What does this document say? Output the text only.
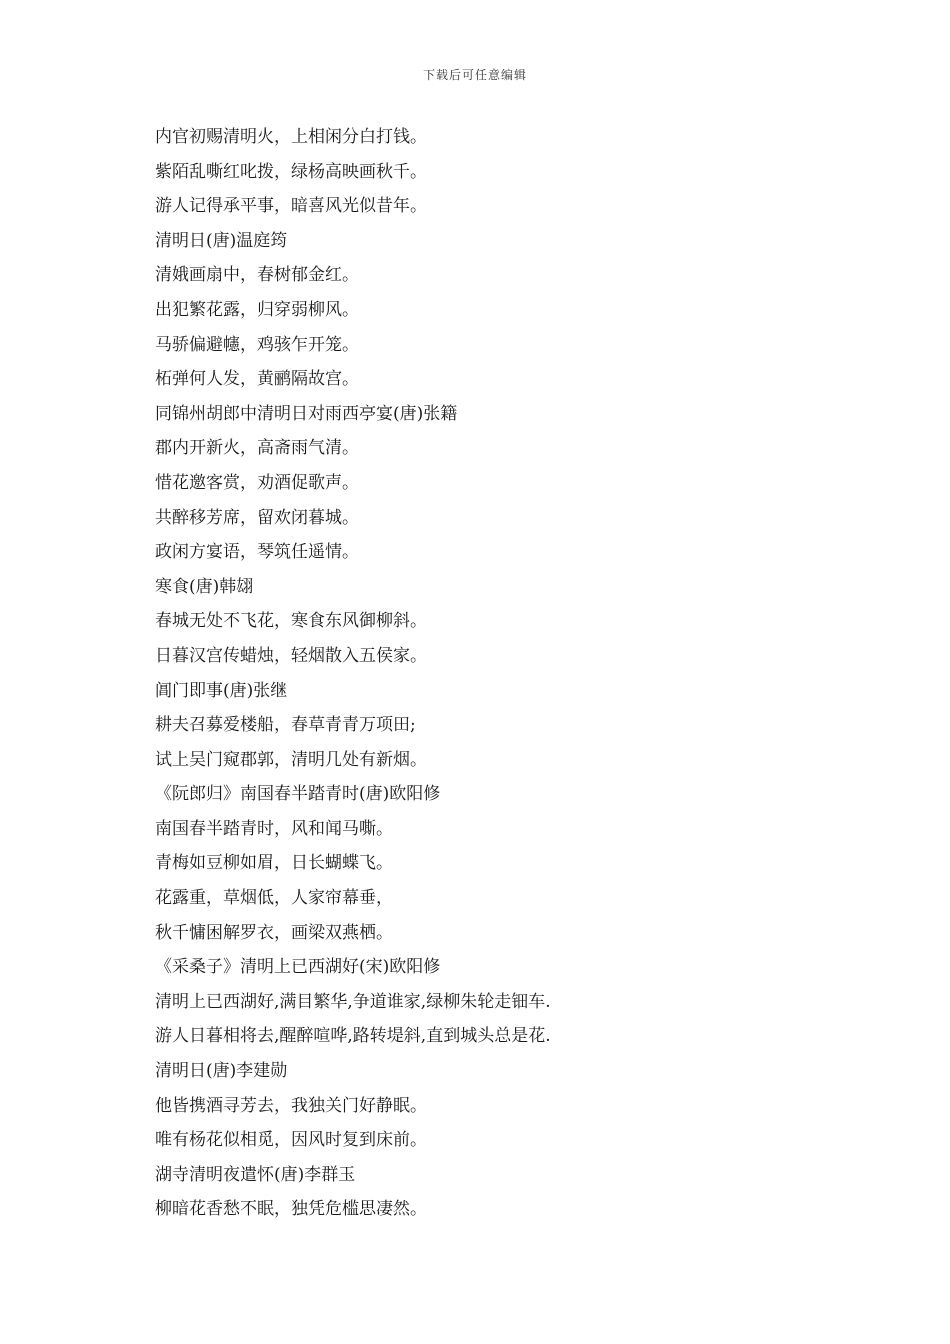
下载后可任意编辑
内官初赐清明火，上相闲分白打钱。
紫陌乱嘶红叱拨，绿杨高映画秋千。
游人记得承平事，暗喜风光似昔年。
清明日(唐)温庭筠
清娥画扇中，春树郁金红。
出犯繁花露，归穿弱柳风。
马骄偏避幰，鸡骇乍开笼。
柘弹何人发，黄鹂隔故宫。
同锦州胡郎中清明日对雨西亭宴(唐)张籍
郡内开新火，高斋雨气清。
惜花邀客赏，劝酒促歌声。
共醉移芳席，留欢闭暮城。
政闲方宴语，琴筑任遥情。
寒食(唐)韩翃
春城无处不飞花，寒食东风御柳斜。
日暮汉宫传蜡烛，轻烟散入五侯家。
阊门即事(唐)张继
耕夫召募爱楼船，春草青青万项田;
试上吴门窥郡郭，清明几处有新烟。
《阮郎归》南国春半踏青时(唐)欧阳修
南国春半踏青时，风和闻马嘶。
青梅如豆柳如眉，日长蝴蝶飞。
花露重，草烟低，人家帘幕垂，
秋千慵困解罗衣，画梁双燕栖。
《采桑子》清明上已西湖好(宋)欧阳修
清明上已西湖好,满目繁华,争道谁家,绿柳朱轮走钿车.
游人日暮相将去,醒醉喧哗,路转堤斜,直到城头总是花.
清明日(唐)李建勋
他皆携酒寻芳去，我独关门好静眠。
唯有杨花似相觅，因风时复到床前。
湖寺清明夜遣怀(唐)李群玉
柳暗花香愁不眠，独凭危槛思凄然。
